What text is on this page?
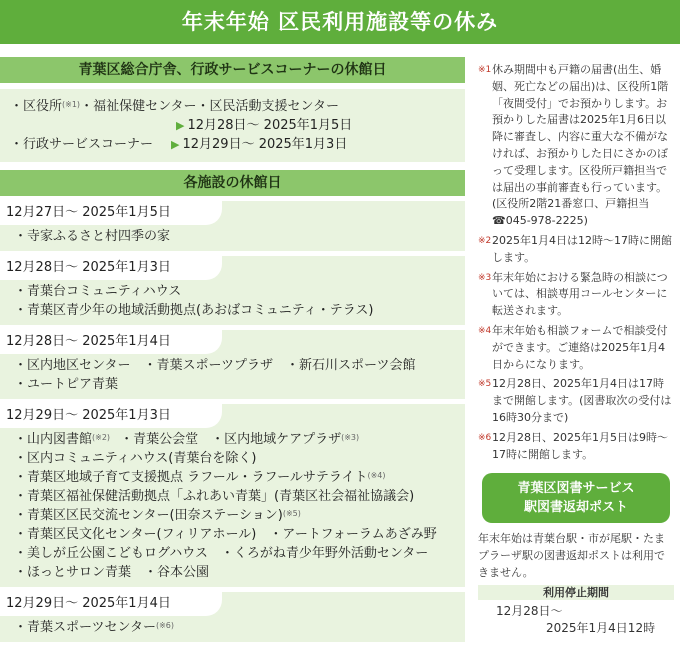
年末年始 区民利用施設等の休み
青葉区総合庁舎、行政サービスコーナーの休館日
・区役所$^{(※1)}$・福祉保健センター・区民活動支援センター
▶ 12月28日～ 2025年1月5日
・行政サービスコーナー ▶ 12月29日～ 2025年1月3日
各施設の休館日
12月27日～ 2025年1月5日
・寺家ふるさと村四季の家
12月28日～ 2025年1月3日
・青葉台コミュニティハウス
・青葉区青少年の地域活動拠点(あおばコミュニティ・テラス)
12月28日～ 2025年1月4日
・区内地区センター　・青葉スポーツプラザ　・新石川スポーツ会館
・ユートピア青葉
12月29日～ 2025年1月3日
・山内図書館$^{(※2)}$ ・青葉公会堂　・区内地域ケアプラザ$^{(※3)}$
・区内コミュニティハウス(青葉台を除く)
・青葉区地域子育て支援拠点 ラフール・ラフールサテライト$^{(※4)}$
・青葉区福祉保健活動拠点「ふれあい青葉」(青葉区社会福祉協議会)
・青葉区区民交流センター(田奈ステーション)$^{(※5)}$
・青葉区民文化センター(フィリアホール)　・アートフォーラムあざみ野
・美しが丘公園こどもログハウス　・くろがね青少年野外活動センター
・ほっとサロン青葉　・谷本公園
12月29日～ 2025年1月4日
・青葉スポーツセンター$^{(※6)}$
※1 休み期間中も戸籍の届書(出生、婚姻、死亡などの届出)は、区役所1階「夜間受付」でお預かりします。お預かりした届書は2025年1月6日以降に審査し、内容に重大な不備がなければ、お預かりした日にさかのぼって受理します。区役所戸籍担当では届出の事前審査も行っています。(区役所2階21番窓口、戸籍担当 ☎045-978-2225)
※2 2025年1月4日は12時～17時に開館します。
※3 年末年始における緊急時の相談については、相談専用コールセンターに転送されます。
※4 年末年始も相談フォームで相談受付ができます。ご連絡は2025年1月4日からになります。
※5 12月28日、2025年1月4日は17時まで開館します。(図書取次の受付は16時30分まで)
※6 12月28日、2025年1月5日は9時～17時に開館します。
青葉区図書サービス
駅図書返却ポスト
年末年始は青葉台駅・市が尾駅・たまプラーザ駅の図書返却ポストは利用できません。
利用停止期間
12月28日～
2025年1月4日12時
